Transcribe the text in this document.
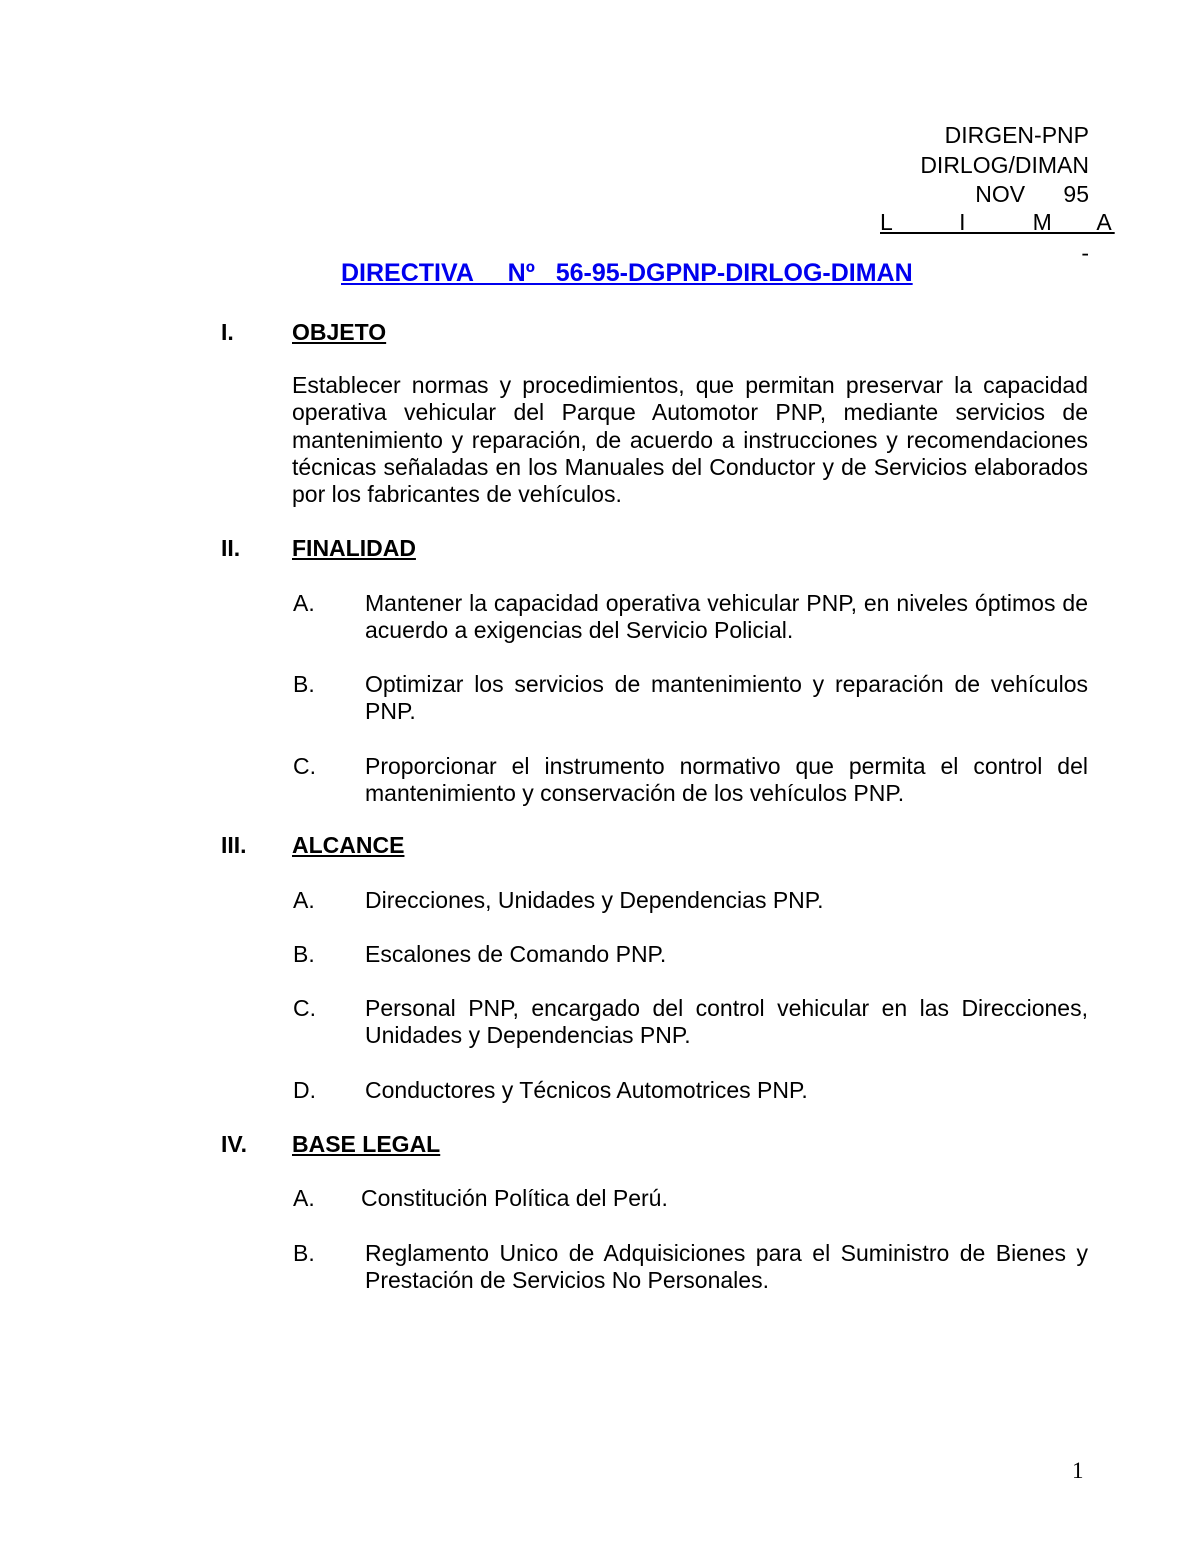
DIRGEN-PNP
DIRLOG/DIMAN
NOV      95
L   I   M  A
-
DIRECTIVA     Nº   56-95-DGPNP-DIRLOG-DIMAN
I.	OBJETO
Establecer normas y procedimientos, que permitan preservar la capacidad operativa vehicular del Parque Automotor PNP, mediante servicios de mantenimiento y reparación, de acuerdo a instrucciones y recomendaciones técnicas señaladas en los Manuales del Conductor y de Servicios elaborados por los fabricantes de vehículos.
II. FINALIDAD
A. Mantener la capacidad operativa vehicular PNP, en niveles óptimos de acuerdo a exigencias del Servicio Policial.
B. Optimizar los servicios de mantenimiento y reparación de vehículos PNP.
C. Proporcionar el instrumento normativo que permita el control del mantenimiento y conservación de los vehículos PNP.
III. ALCANCE
A. Direcciones, Unidades y Dependencias PNP.
B. Escalones de Comando PNP.
C. Personal PNP, encargado del control vehicular en las Direcciones, Unidades y Dependencias PNP.
D. Conductores y Técnicos Automotrices PNP.
IV. BASE LEGAL
A. Constitución Política del Perú.
B. Reglamento Unico de Adquisiciones para el Suministro de Bienes y Prestación de Servicios No Personales.
1
